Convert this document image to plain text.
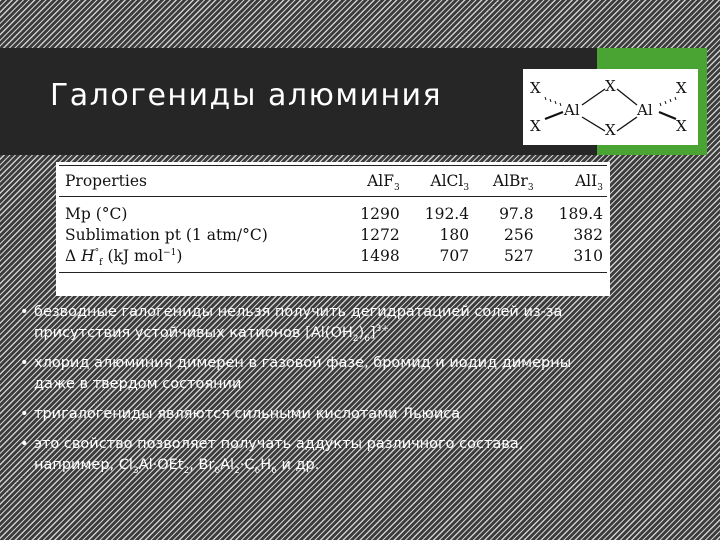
Галогениды алюминия	X
X
Al
X
X
Al
X
X
Properties	AlF$_3$	AlCl$_3$	AlBr$_3$	AlI$_3$
Mp (°C)	1290	192.4	97.8	189.4
Sublimation pt (1 atm/°C)	1272	180	256	382
Δ $H^\circ_f$ (kJ mol$^{-1}$)	1498	707	527	310
• безводные галогениды нельзя получить дегидратацией солей из-за присутствия устойчивых катионов $[Al(OH_2)_6]^{3+}$
• хлорид алюминия димерен в газовой фазе, бромид и иодид димерны даже в твердом состоянии
• тригалогениды являются сильными кислотами Льюиса
• это свойство позволяет получать аддукты различного состава, например, $Cl_3Al\cdot OEt_2$, $Br_6Al_2\cdot C_6H_6$ и др.
